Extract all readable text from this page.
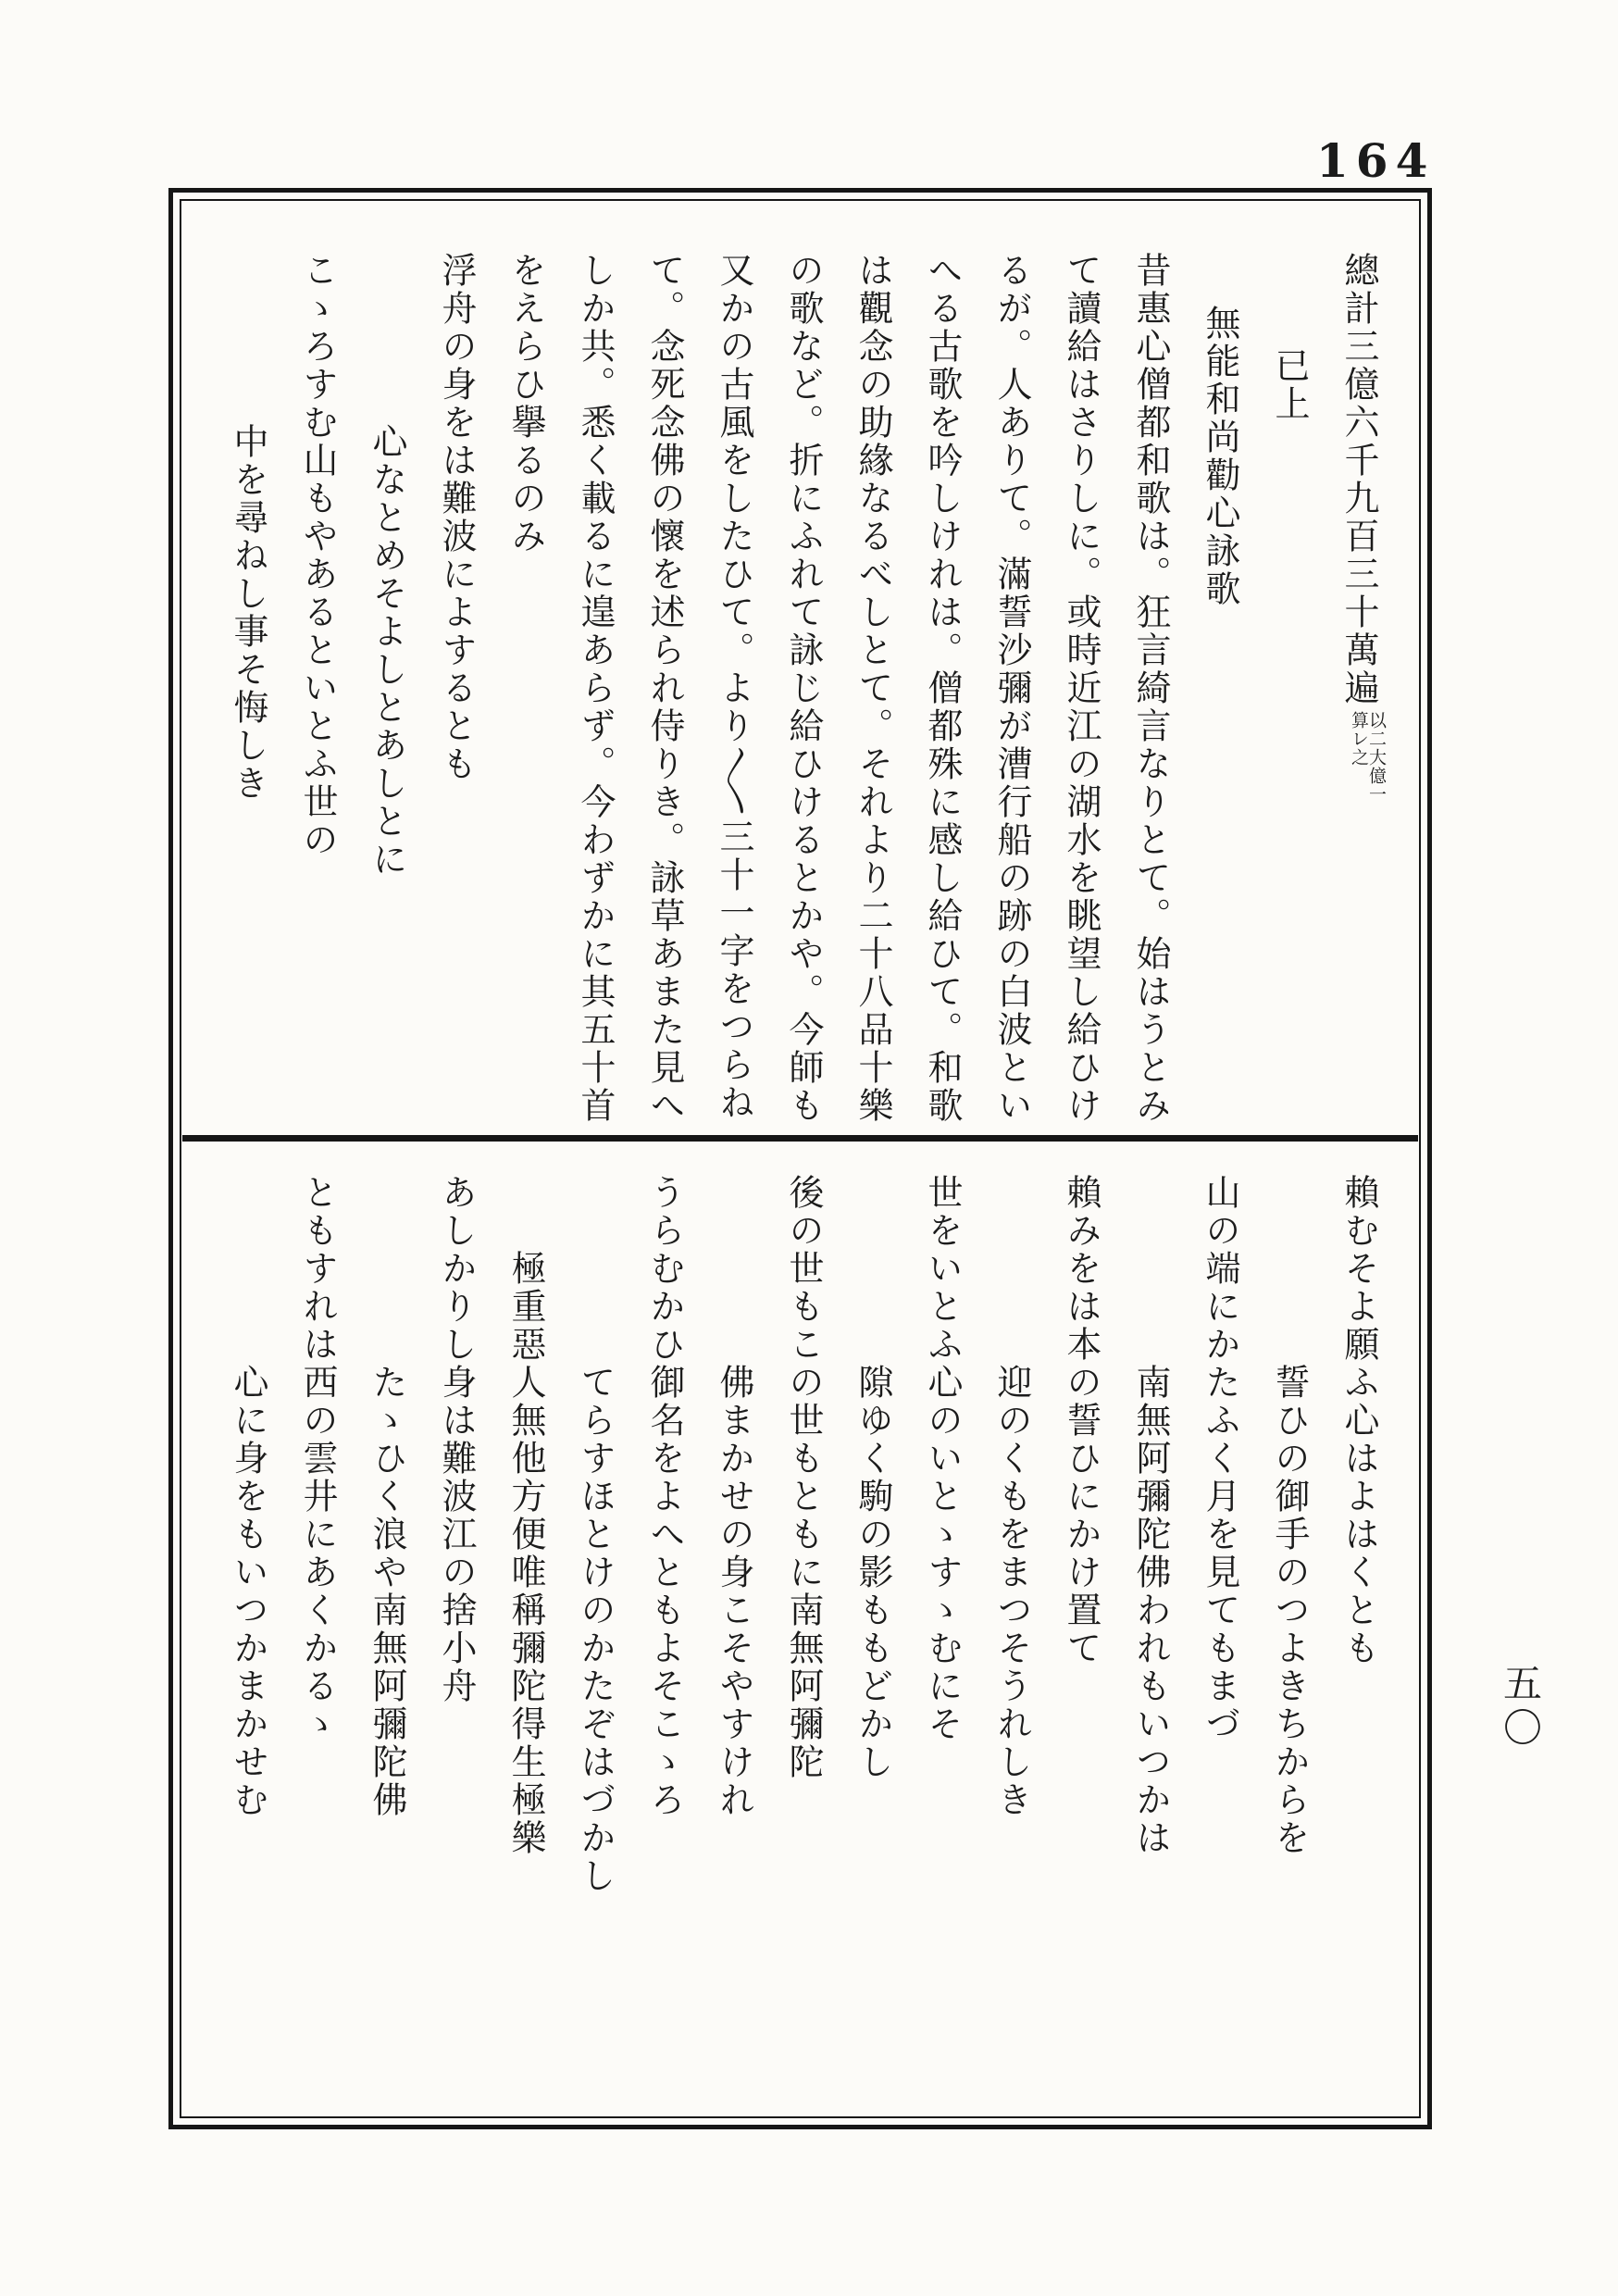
164
總計三億六千九百三十萬遍
以二大億一
算レ之
已上
無能和尚勸心詠歌
昔惠心僧都和歌は。狂言綺言なりとて。始はうとみ
て讀給はさりしに。或時近江の湖水を眺望し給ひけ
るが。人ありて。滿誓沙彌が漕行船の跡の白波とい
へる古歌を吟しけれは。僧都殊に感し給ひて。和歌
は觀念の助緣なるべしとて。それより二十八品十樂
の歌など。折にふれて詠じ給ひけるとかや。今師も
又かの古風をしたひて。より〱三十一字をつらね
て。念死念佛の懷を述られ侍りき。詠草あまた見へ
しか共。悉く載るに遑あらず。今わずかに其五十首
をえらひ擧るのみ
浮舟の身をは難波によするとも
心なとめそよしとあしとに
こゝろすむ山もやあるといとふ世の
中を尋ねし事そ悔しき
賴むそよ願ふ心はよはくとも
誓ひの御手のつよきちからを
山の端にかたふく月を見てもまづ
南無阿彌陀佛われもいつかは
賴みをは本の誓ひにかけ置て
迎のくもをまつそうれしき
世をいとふ心のいとゝすゝむにそ
隙ゆく駒の影ももどかし
後の世もこの世もともに南無阿彌陀
佛まかせの身こそやすけれ
うらむかひ御名をよへともよそこゝろ
てらすほとけのかたぞはづかし
極重惡人無他方便唯稱彌陀得生極樂
あしかりし身は難波江の捨小舟
たゝひく浪や南無阿彌陀佛
ともすれは西の雲井にあくかるゝ
心に身をもいつかまかせむ	五〇
